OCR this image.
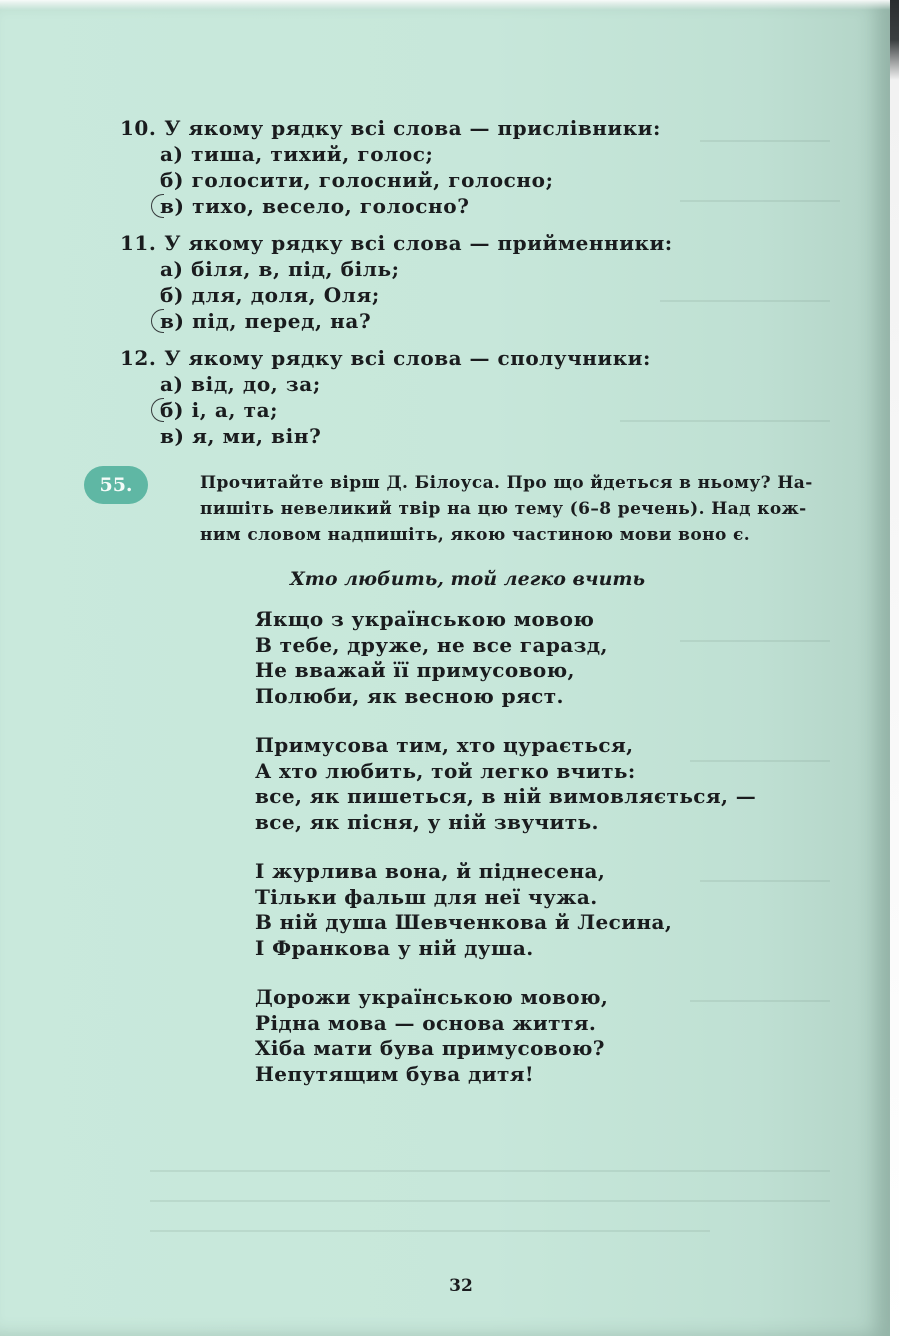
10. У якому рядку всі слова — прислівники:
а) тиша, тихий, голос;
б) голосити, голосний, голосно;
в) тихо, весело, голосно?
11. У якому рядку всі слова — прийменники:
а) біля, в, під, біль;
б) для, доля, Оля;
в) під, перед, на?
12. У якому рядку всі слова — сполучники:
а) від, до, за;
б) і, а, та;
в) я, ми, він?
55.	Прочитайте вірш Д. Білоуса. Про що йдеться в ньому? На-
пишіть невеликий твір на цю тему (6–8 речень). Над кож-
ним словом надпишіть, якою частиною мови воно є.
Хто любить, той легко вчить
Якщо з українською мовою
В тебе, друже, не все гаразд,
Не вважай її примусовою,
Полюби, як весною ряст.
Примусова тим, хто цурається,
А хто любить, той легко вчить:
все, як пишеться, в ній вимовляється, —
все, як пісня, у ній звучить.
І журлива вона, й піднесена,
Тільки фальш для неї чужа.
В ній душа Шевченкова й Лесина,
І Франкова у ній душа.
Дорожи українською мовою,
Рідна мова — основа життя.
Хіба мати бува примусовою?
Непутящим бува дитя!
32
